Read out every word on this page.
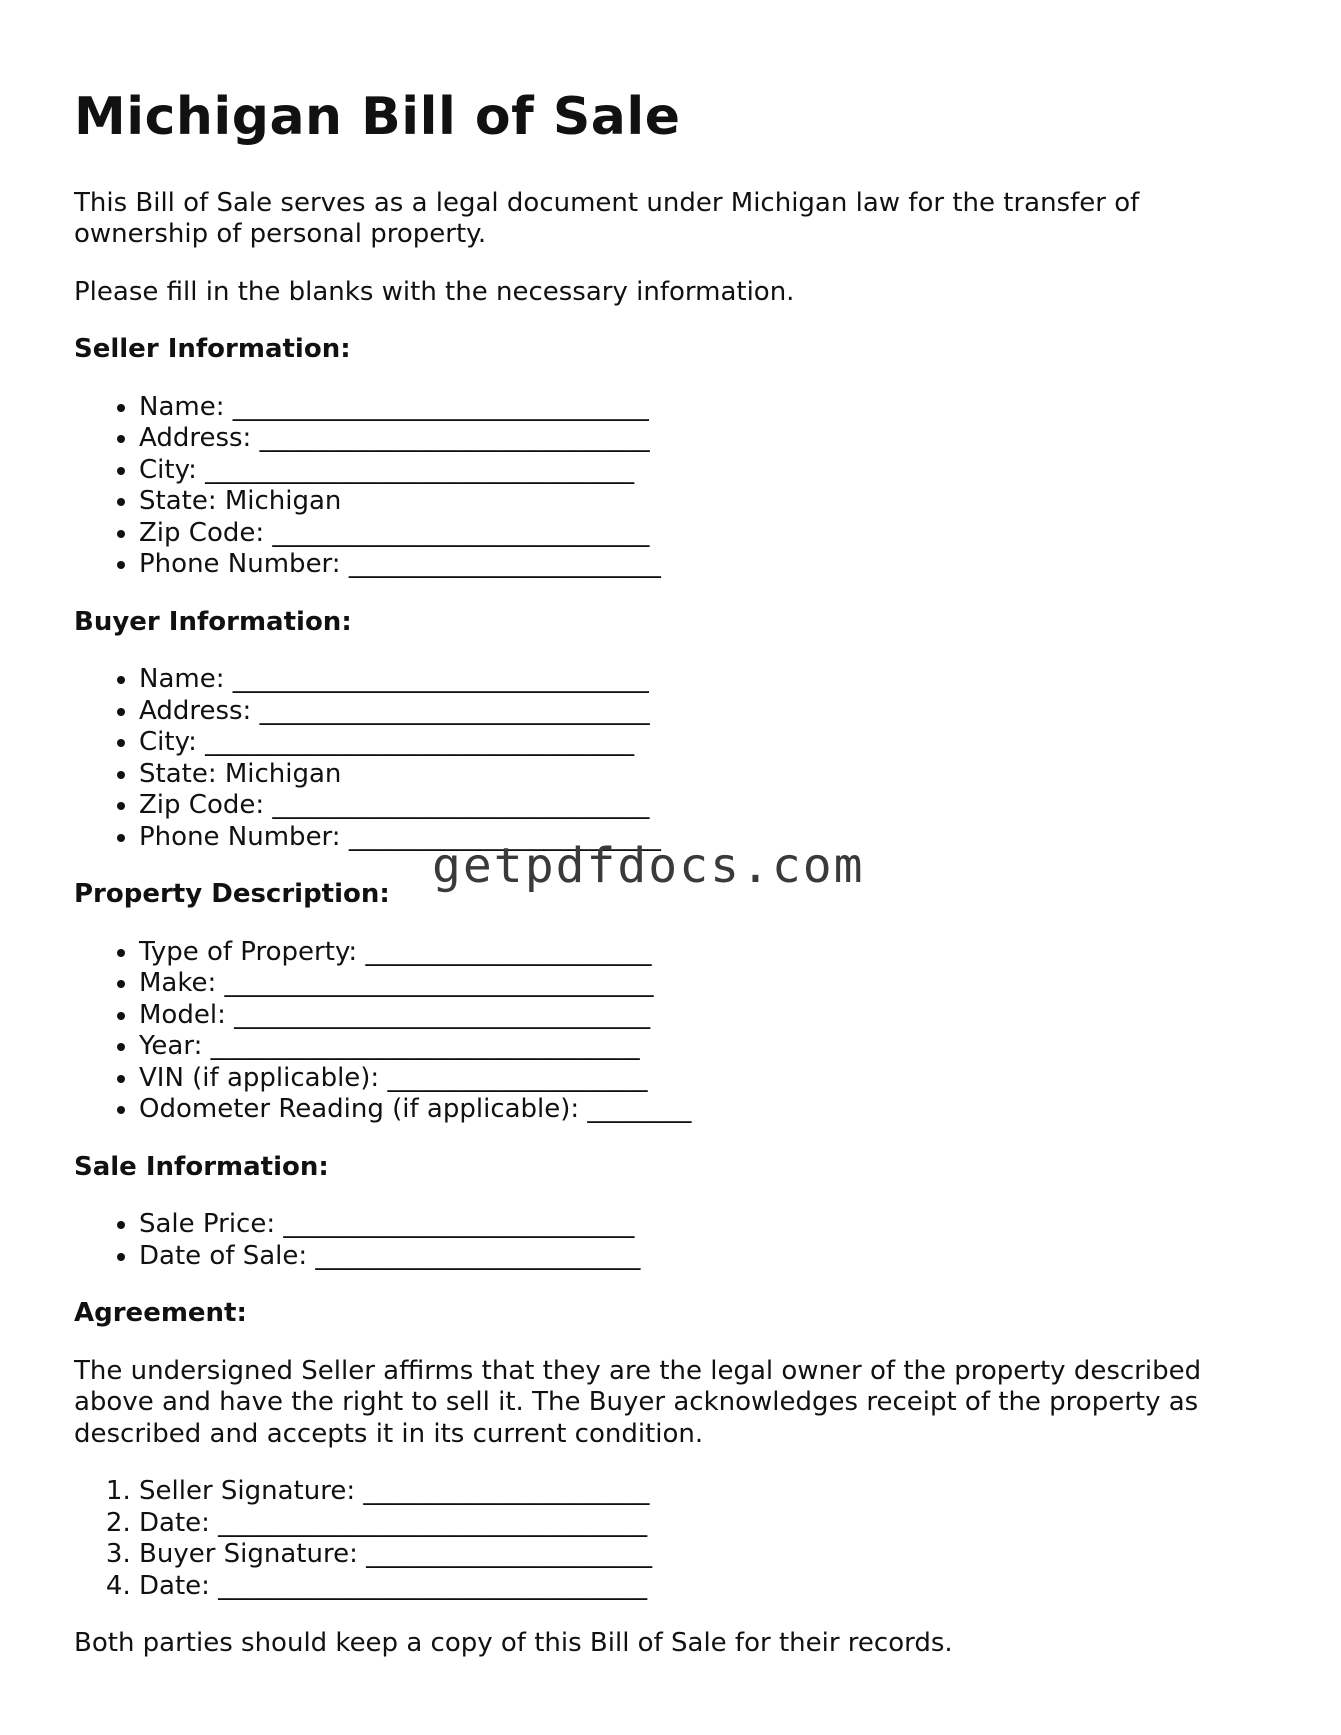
Michigan Bill of Sale

This Bill of Sale serves as a legal document under Michigan law for the transfer of ownership of personal property.

Please fill in the blanks with the necessary information.

Seller Information:

• Name: ________________________________
• Address: ______________________________
• City: _________________________________
• State: Michigan
• Zip Code: _____________________________
• Phone Number: ________________________

Buyer Information:

• Name: ________________________________
• Address: ______________________________
• City: _________________________________
• State: Michigan
• Zip Code: _____________________________
• Phone Number: ________________________

Property Description:

• Type of Property: ______________________
• Make: _________________________________
• Model: ________________________________
• Year: _________________________________
• VIN (if applicable): ____________________
• Odometer Reading (if applicable): ________

Sale Information:

• Sale Price: ___________________________
• Date of Sale: _________________________

Agreement:

The undersigned Seller affirms that they are the legal owner of the property described above and have the right to sell it. The Buyer acknowledges receipt of the property as described and accepts it in its current condition.

1. Seller Signature: ______________________
2. Date: _________________________________
3. Buyer Signature: ______________________
4. Date: _________________________________

Both parties should keep a copy of this Bill of Sale for their records.

getpdfdocs.com
